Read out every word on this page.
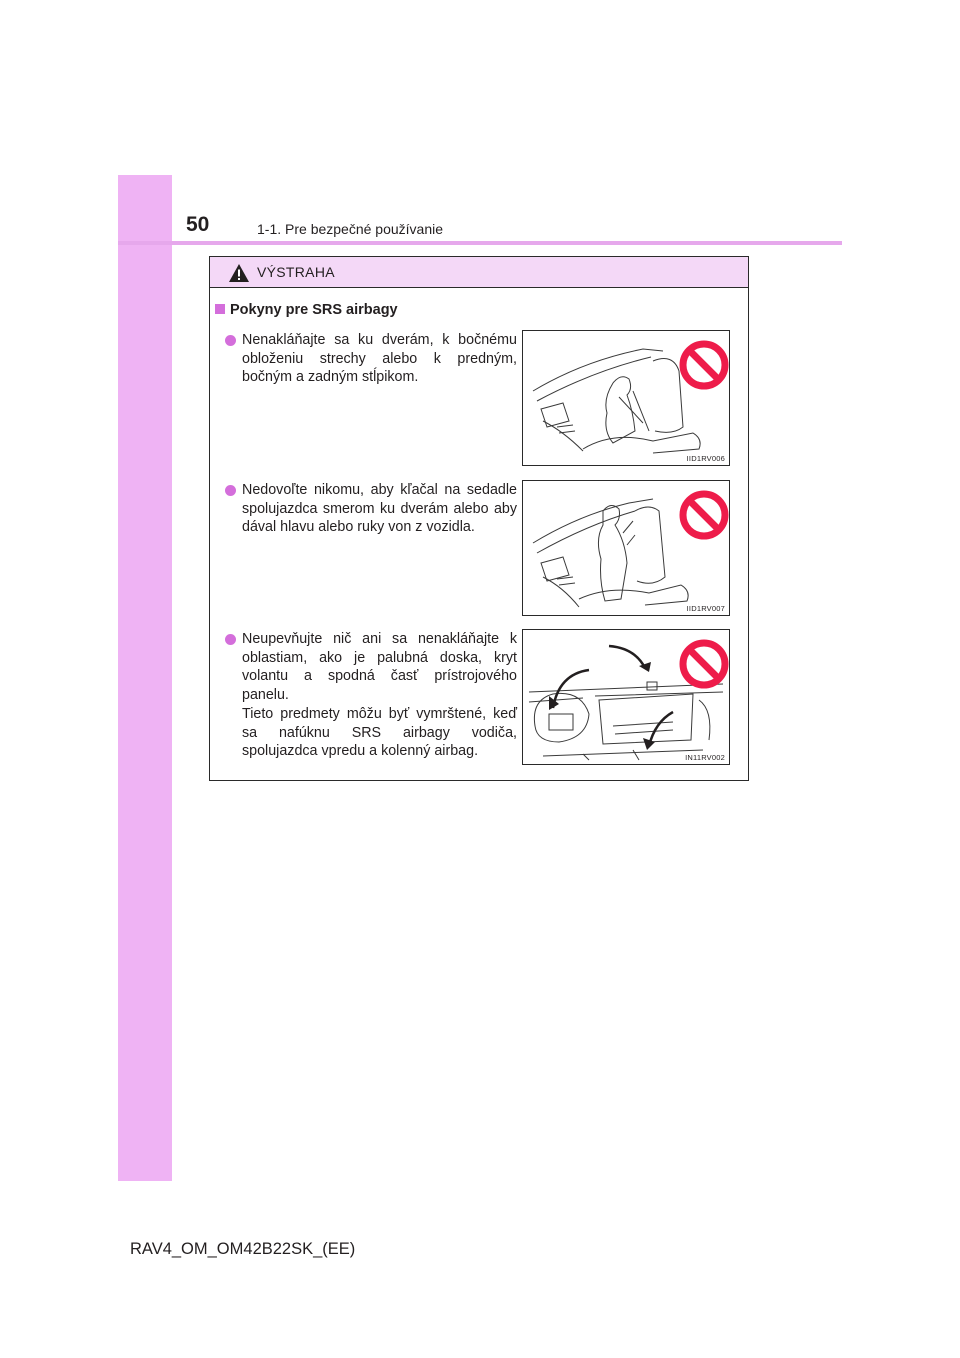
50	1-1. Pre bezpečné používanie
VÝSTRAHA
Pokyny pre SRS airbagy
Nenakláňajte sa ku dverám, k bočnému obloženiu strechy alebo k predným, bočným a zadným stĺpikom.
IID1RV006
Nedovoľte nikomu, aby kľačal na sedadle spolujazdca smerom ku dverám alebo aby dával hlavu alebo ruky von z vozidla.
IID1RV007
Neupevňujte nič ani sa nenakláňajte k oblastiam, ako je palubná doska, kryt volantu a spodná časť prístrojového panelu.
Tieto predmety môžu byť vymrštené, keď sa nafúknu SRS airbagy vodiča, spolujazdca vpredu a kolenný airbag.	IN11RV002
RAV4_OM_OM42B22SK_(EE)
